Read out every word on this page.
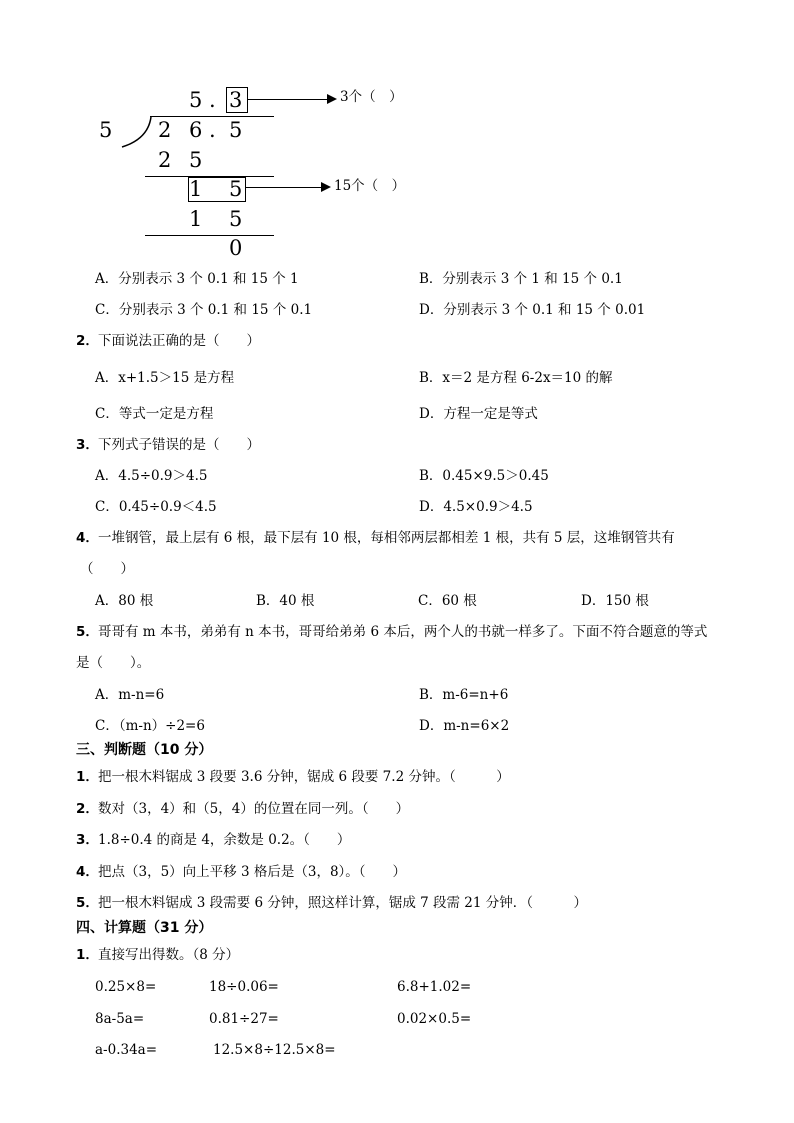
5 . 3	3个（　）
5 2 6 . 5
2 5
1 5	15个（　）
1 5
0
A．分别表示 3 个 0.1 和 15 个 1	B．分别表示 3 个 1 和 15 个 0.1
C．分别表示 3 个 0.1 和 15 个 0.1	D．分别表示 3 个 0.1 和 15 个 0.01
2． 下面说法正确的是（　　）
A．x+1.5＞15 是方程	B．x＝2 是方程 6-2x＝10 的解
C．等式一定是方程	D．方程一定是等式
3． 下列式子错误的是（　　）
A．4.5÷0.9＞4.5	B．0.45×9.5＞0.45
C．0.45÷0.9＜4.5	D．4.5×0.9＞4.5
4． 一堆钢管，最上层有 6 根，最下层有 10 根，每相邻两层都相差 1 根，共有 5 层，这堆钢管共有
（　　）
A．80 根	B．40 根	C．60 根	D．150 根
5． 哥哥有 m 本书，弟弟有 n 本书，哥哥给弟弟 6 本后，两个人的书就一样多了。下面不符合题意的等式
是（　　）。
A．m-n=6	B．m-6=n+6
C．（m-n）÷2=6	D．m-n=6×2
三、判断题（10 分）
1． 把一根木料锯成 3 段要 3.6 分钟，锯成 6 段要 7.2 分钟。（　　　）
2． 数对（3，4）和（5，4）的位置在同一列。（　　）
3． 1.8÷0.4 的商是 4，余数是 0.2。（　　）
4． 把点（3，5）向上平移 3 格后是（3，8）。（　　）
5． 把一根木料锯成 3 段需要 6 分钟，照这样计算，锯成 7 段需 21 分钟．（　　　）
四、计算题（31 分）
1． 直接写出得数。（8 分）
0.25×8=	18÷0.06=	6.8+1.02=
8a-5a=	0.81÷27=	0.02×0.5=
a-0.34a=	12.5×8÷12.5×8=
